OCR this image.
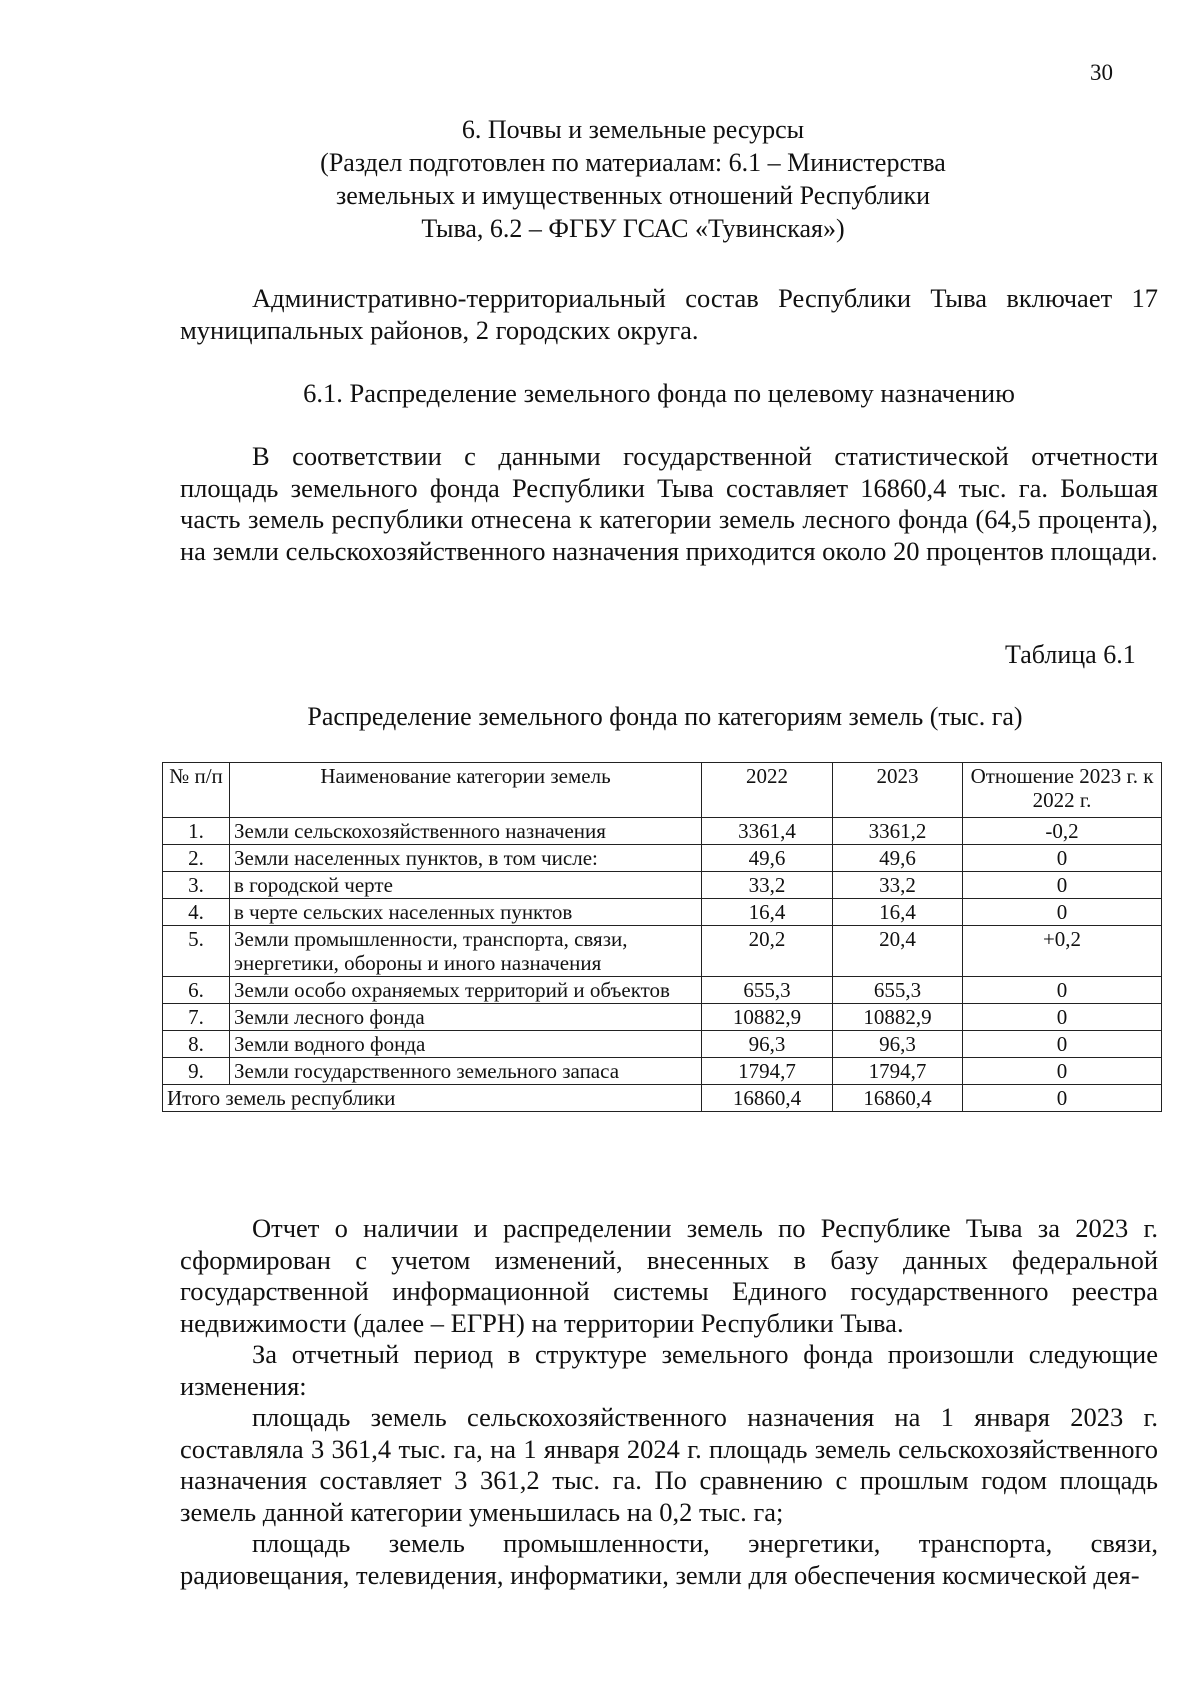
30
6. Почвы и земельные ресурсы
(Раздел подготовлен по материалам: 6.1 – Министерства
земельных и имущественных отношений Республики
Тыва, 6.2 – ФГБУ ГСАС «Тувинская»)
Административно-территориальный состав Республики Тыва включает 17 муниципальных районов, 2 городских округа.
6.1. Распределение земельного фонда по целевому назначению
В соответствии с данными государственной статистической отчетности площадь земельного фонда Республики Тыва составляет 16860,4 тыс. га. Большая часть земель республики отнесена к категории земель лесного фонда (64,5 процента), на земли сельскохозяйственного назначения приходится около 20 процентов площади.
Таблица 6.1
Распределение земельного фонда по категориям земель (тыс. га)
№ п/п	Наименование категории земель	2022	2023	Отношение 2023 г. к 2022 г.
1.	Земли сельскохозяйственного назначения	3361,4	3361,2	-0,2
2.	Земли населенных пунктов, в том числе:	49,6	49,6	0
3.	в городской черте	33,2	33,2	0
4.	в черте сельских населенных пунктов	16,4	16,4	0
5.	Земли промышленности, транспорта, связи, энергетики, обороны и иного назначения	20,2	20,4	+0,2
6.	Земли особо охраняемых территорий и объектов	655,3	655,3	0
7.	Земли лесного фонда	10882,9	10882,9	0
8.	Земли водного фонда	96,3	96,3	0
9.	Земли государственного земельного запаса	1794,7	1794,7	0
Итого земель республики		16860,4	16860,4	0
Отчет о наличии и распределении земель по Республике Тыва за 2023 г. сформирован с учетом изменений, внесенных в базу данных федеральной государственной информационной системы Единого государственного реестра недвижимости (далее – ЕГРН) на территории Республики Тыва.
За отчетный период в структуре земельного фонда произошли следующие изменения:
площадь земель сельскохозяйственного назначения на 1 января 2023 г. составляла 3 361,4 тыс. га, на 1 января 2024 г. площадь земель сельскохозяйственного назначения составляет 3 361,2 тыс. га. По сравнению с прошлым годом площадь земель данной категории уменьшилась на 0,2 тыс. га;
площадь земель промышленности, энергетики, транспорта, связи, радиовещания, телевидения, информатики, земли для обеспечения космической дея-
